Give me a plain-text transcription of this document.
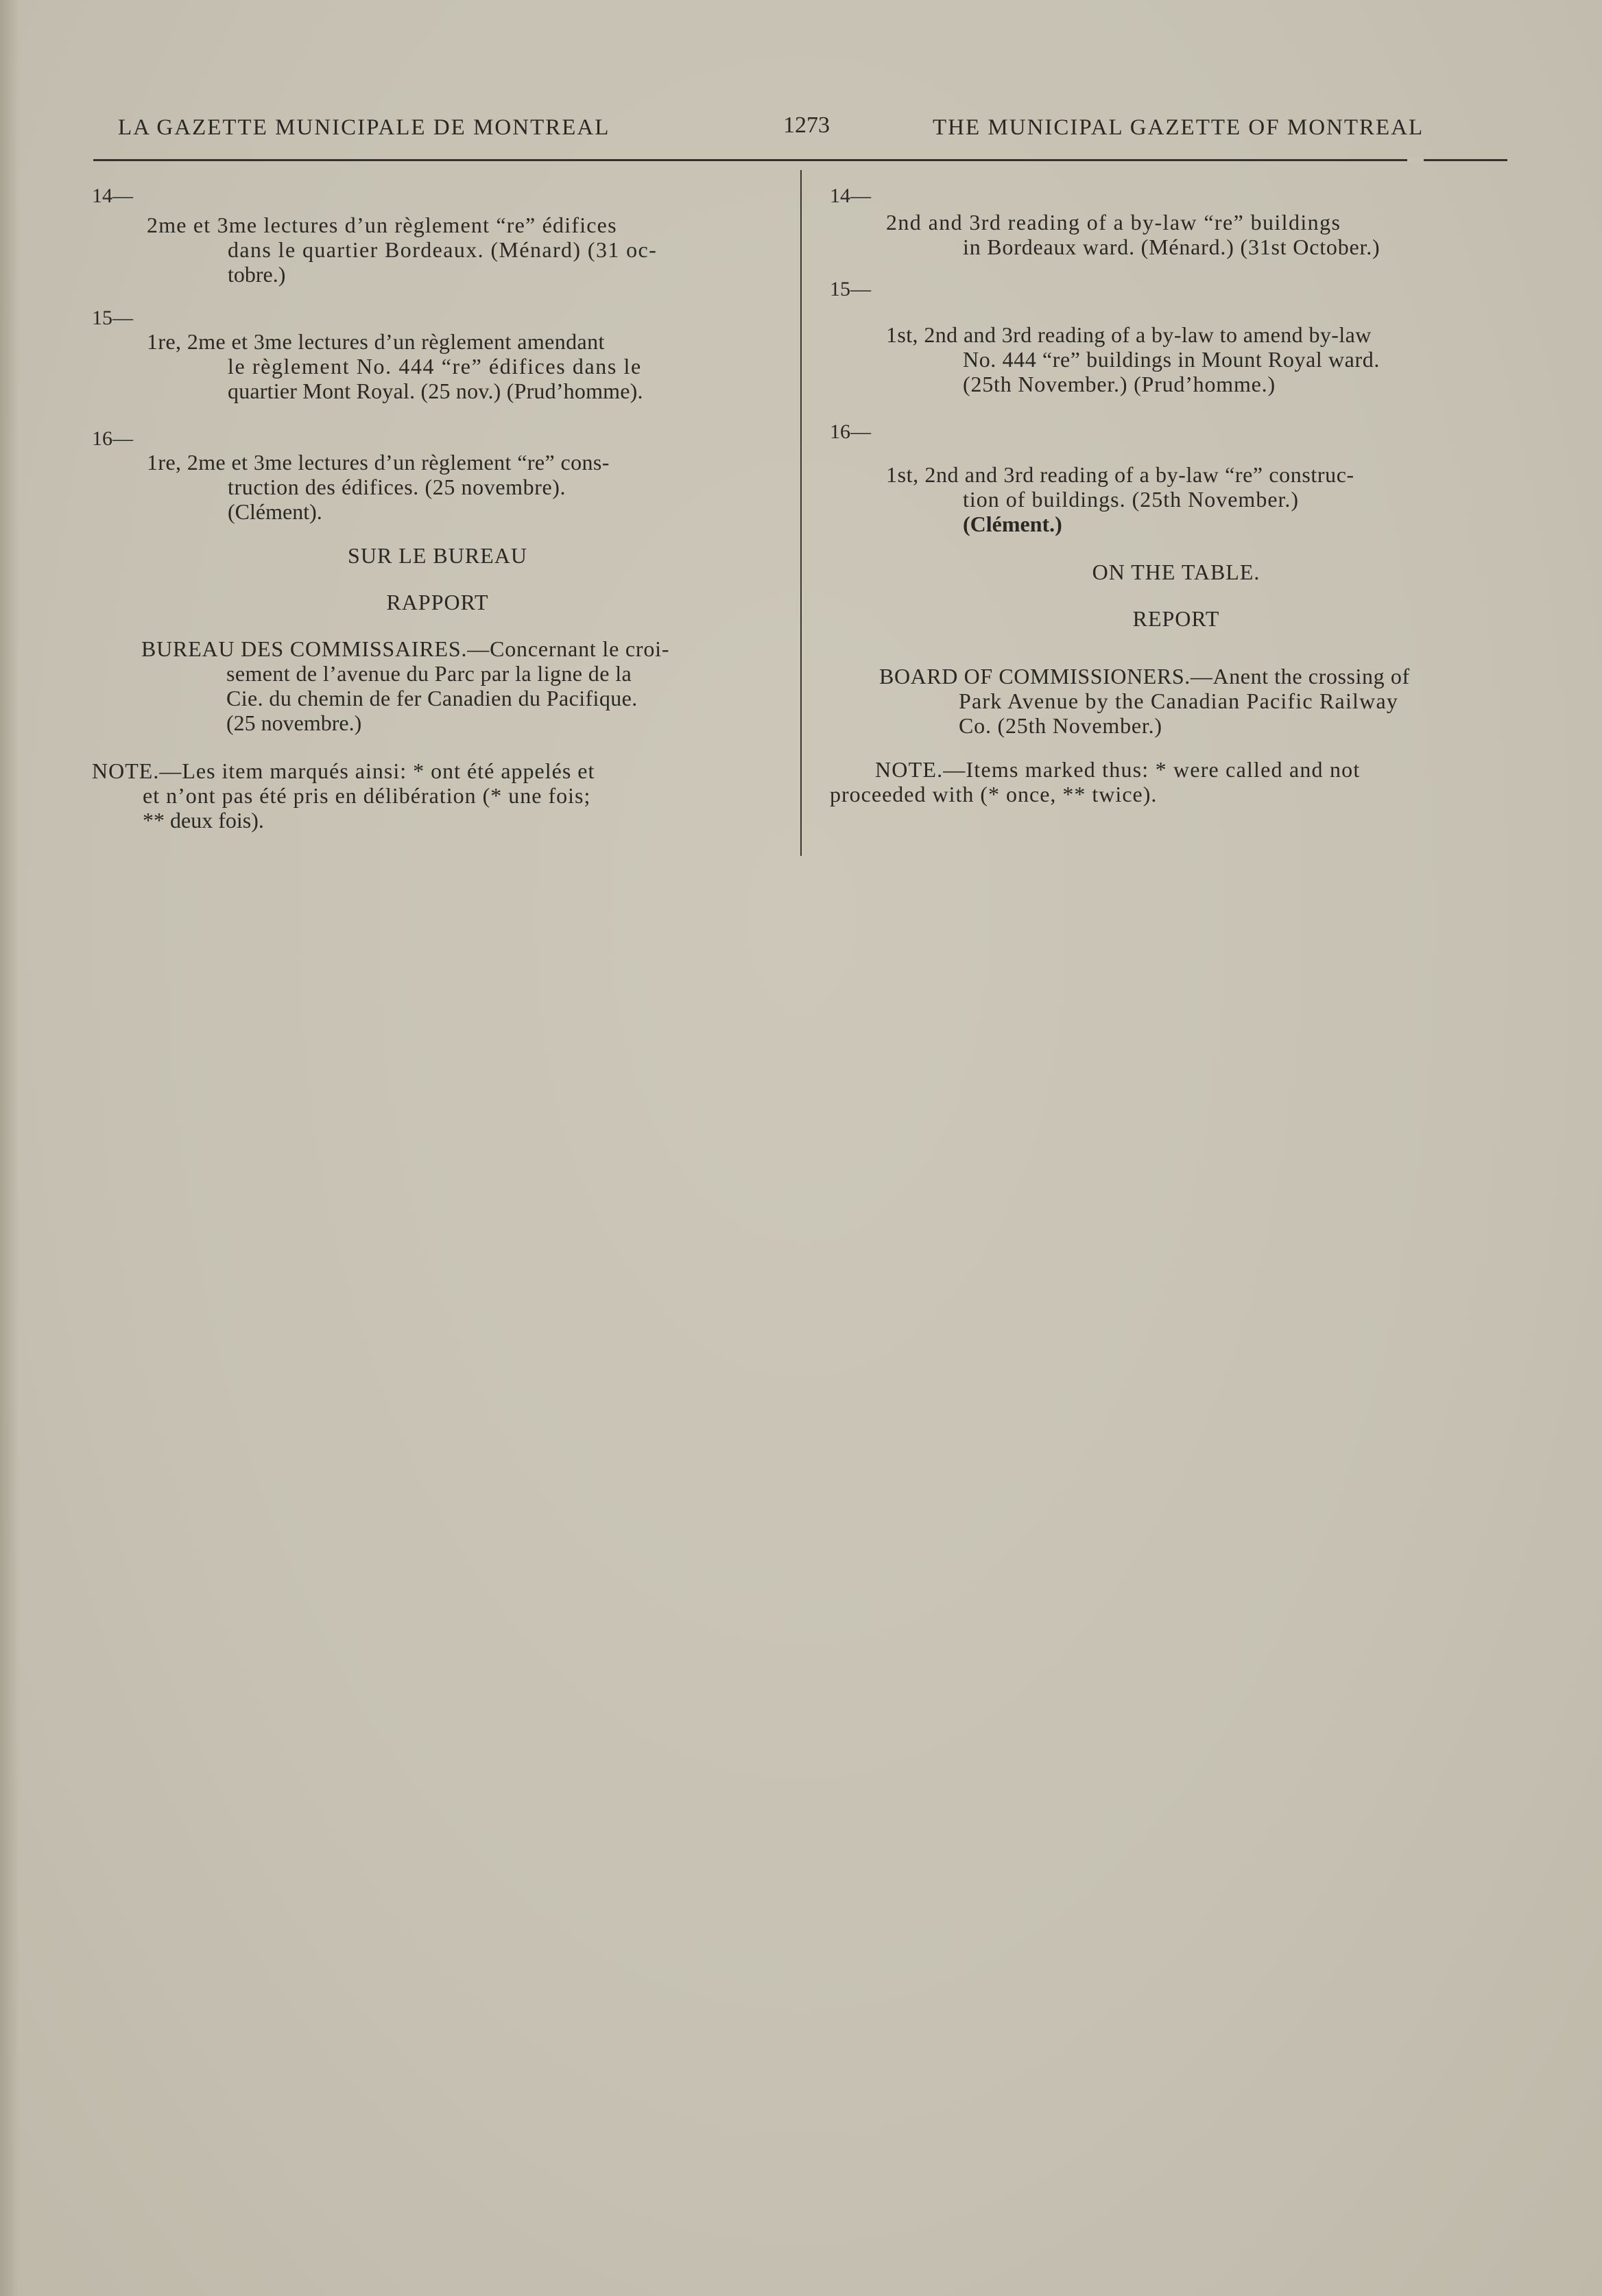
LA GAZETTE MUNICIPALE DE MONTREAL	1273	THE MUNICIPAL GAZETTE OF MONTREAL
14—
2me et 3me lectures d’un règlement “re” édifices
dans le quartier Bordeaux. (Ménard) (31 oc-
tobre.)
15—
1re, 2me et 3me lectures d’un règlement amendant
le règlement No. 444 “re” édifices dans le
quartier Mont Royal. (25 nov.) (Prud’homme).
16—
1re, 2me et 3me lectures d’un règlement “re” cons-
truction des édifices. (25 novembre).
(Clément).
SUR LE BUREAU
RAPPORT
BUREAU DES COMMISSAIRES.—Concernant le croi-
sement de l’avenue du Parc par la ligne de la
Cie. du chemin de fer Canadien du Pacifique.
(25 novembre.)
NOTE.—Les item marqués ainsi: * ont été appelés et
et n’ont pas été pris en délibération (* une fois;
** deux fois).
14—
2nd and 3rd reading of a by-law “re” buildings
in Bordeaux ward. (Ménard.) (31st October.)
15—
1st, 2nd and 3rd reading of a by-law to amend by-law
No. 444 “re” buildings in Mount Royal ward.
(25th November.) (Prud’homme.)
16—
1st, 2nd and 3rd reading of a by-law “re” construc-
tion of buildings. (25th November.)
(Clément.)
ON THE TABLE.
REPORT
BOARD OF COMMISSIONERS.—Anent the crossing of
Park Avenue by the Canadian Pacific Railway
Co. (25th November.)
NOTE.—Items marked thus: * were called and not
proceeded with (* once, ** twice).
